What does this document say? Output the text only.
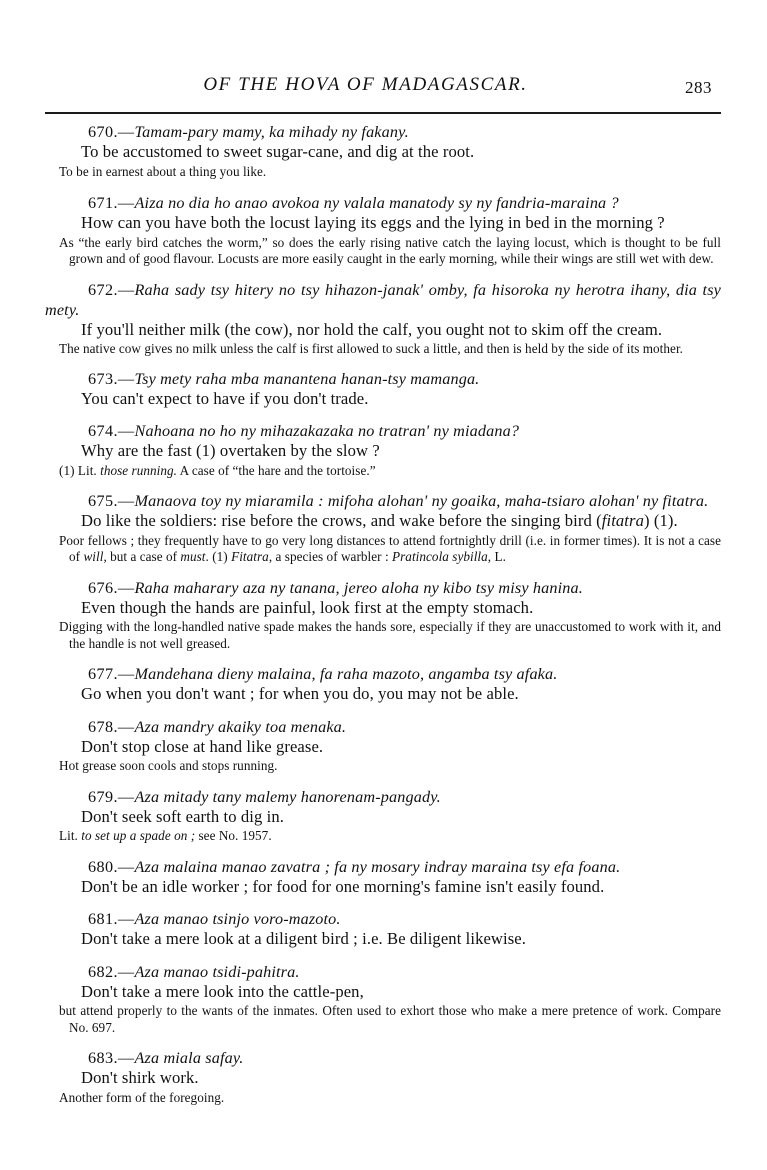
OF THE HOVA OF MADAGASCAR.	283

670.—Tamam-pary mamy, ka mihady ny fakany.

To be accustomed to sweet sugar-cane, and dig at the root.

To be in earnest about a thing you like.

671.—Aiza no dia ho anao avokoa ny valala manatody sy ny fandria-maraina ?

How can you have both the locust laying its eggs and the lying in bed in the morning ?

As “the early bird catches the worm,” so does the early rising native catch the laying locust, which is thought to be full grown and of good flavour. Locusts are more easily caught in the early morning, while their wings are still wet with dew.

672.—Raha sady tsy hitery no tsy hihazon-janak' omby, fa hisoroka ny herotra ihany, dia tsy mety.

If you'll neither milk (the cow), nor hold the calf, you ought not to skim off the cream.

The native cow gives no milk unless the calf is first allowed to suck a little, and then is held by the side of its mother.

673.—Tsy mety raha mba manantena hanan-tsy mamanga.

You can't expect to have if you don't trade.

674.—Nahoana no ho ny mihazakazaka no tratran' ny miadana?

Why are the fast (1) overtaken by the slow ?

(1) Lit. those running. A case of “the hare and the tortoise.”

675.—Manaova toy ny miaramila : mifoha alohan' ny goaika, maha-tsiaro alohan' ny fitatra.

Do like the soldiers: rise before the crows, and wake before the singing bird (fitatra) (1).

Poor fellows ; they frequently have to go very long distances to attend fortnightly drill (i.e. in former times). It is not a case of will, but a case of must. (1) Fitatra, a species of warbler : Pratincola sybilla, L.

676.—Raha maharary aza ny tanana, jereo aloha ny kibo tsy misy hanina.

Even though the hands are painful, look first at the empty stomach.

Digging with the long-handled native spade makes the hands sore, especially if they are unaccustomed to work with it, and the handle is not well greased.

677.—Mandehana dieny malaina, fa raha mazoto, angamba tsy afaka.

Go when you don't want ; for when you do, you may not be able.

678.—Aza mandry akaiky toa menaka.

Don't stop close at hand like grease.

Hot grease soon cools and stops running.

679.—Aza mitady tany malemy hanorenam-pangady.

Don't seek soft earth to dig in.

Lit. to set up a spade on ; see No. 1957.

680.—Aza malaina manao zavatra ; fa ny mosary indray maraina tsy efa foana.

Don't be an idle worker ; for food for one morning's famine isn't easily found.

681.—Aza manao tsinjo voro-mazoto.

Don't take a mere look at a diligent bird ; i.e. Be diligent likewise.

682.—Aza manao tsidi-pahitra.

Don't take a mere look into the cattle-pen,

but attend properly to the wants of the inmates. Often used to exhort those who make a mere pretence of work. Compare No. 697.

683.—Aza miala safay.

Don't shirk work.

Another form of the foregoing.
